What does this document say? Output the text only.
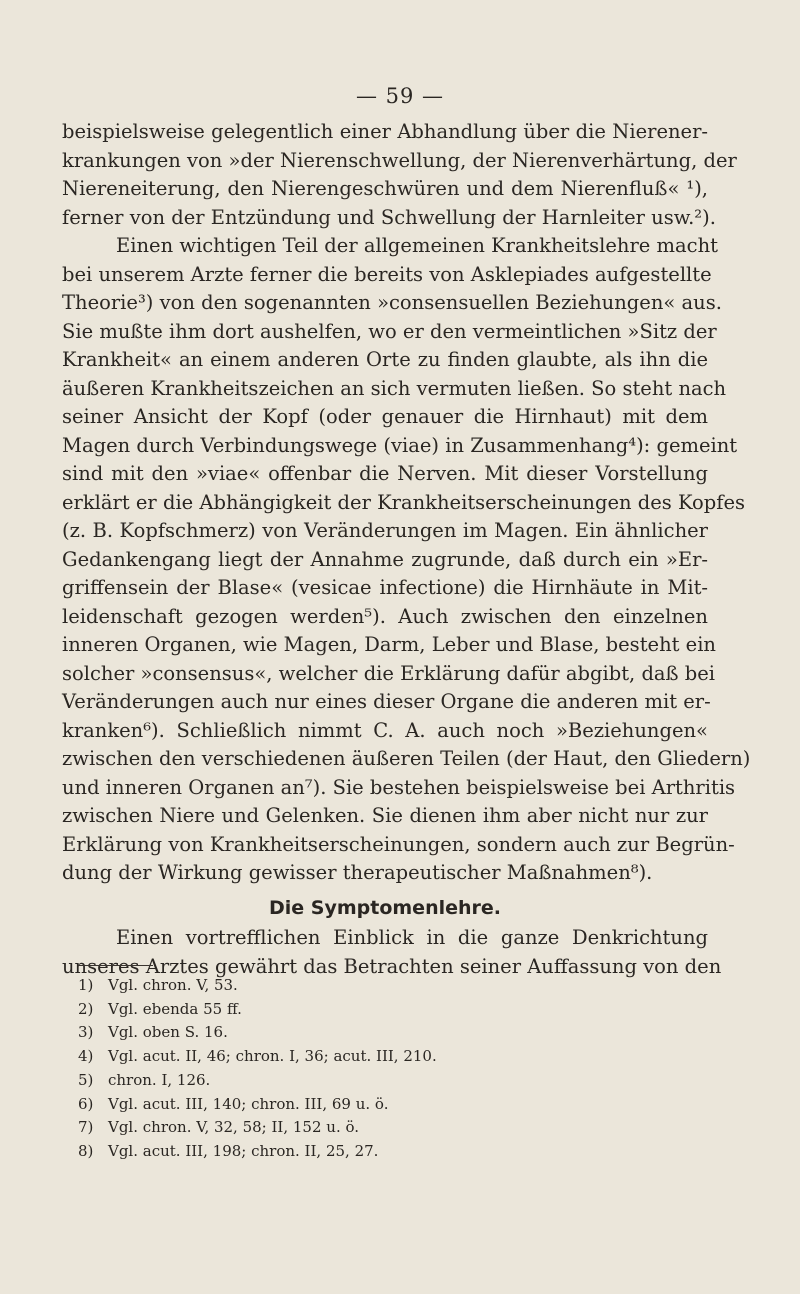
— 59 —
beispielsweise gelegentlich einer Abhandlung über die Nierener-
krankungen von »der Nierenschwellung, der Nierenverhärtung, der
Niereneiterung, den Nierengeschwüren und dem Nierenfluß« ¹),
ferner von der Entzündung und Schwellung der Harnleiter usw.²).
Einen wichtigen Teil der allgemeinen Krankheitslehre macht
bei unserem Arzte ferner die bereits von Asklepiades aufgestellte
Theorie³) von den sogenannten »consensuellen Beziehungen« aus.
Sie mußte ihm dort aushelfen, wo er den vermeintlichen »Sitz der
Krankheit« an einem anderen Orte zu finden glaubte, als ihn die
äußeren Krankheitszeichen an sich vermuten ließen. So steht nach
seiner Ansicht der Kopf (oder genauer die Hirnhaut) mit dem
Magen durch Verbindungswege (viae) in Zusammenhang⁴): gemeint
sind mit den »viae« offenbar die Nerven. Mit dieser Vorstellung
erklärt er die Abhängigkeit der Krankheitserscheinungen des Kopfes
(z. B. Kopfschmerz) von Veränderungen im Magen. Ein ähnlicher
Gedankengang liegt der Annahme zugrunde, daß durch ein »Er-
griffensein der Blase« (vesicae infectione) die Hirnhäute in Mit-
leidenschaft gezogen werden⁵). Auch zwischen den einzelnen
inneren Organen, wie Magen, Darm, Leber und Blase, besteht ein
solcher »consensus«, welcher die Erklärung dafür abgibt, daß bei
Veränderungen auch nur eines dieser Organe die anderen mit er-
kranken⁶). Schließlich nimmt C. A. auch noch »Beziehungen«
zwischen den verschiedenen äußeren Teilen (der Haut, den Gliedern)
und inneren Organen an⁷). Sie bestehen beispielsweise bei Arthritis
zwischen Niere und Gelenken. Sie dienen ihm aber nicht nur zur
Erklärung von Krankheitserscheinungen, sondern auch zur Begrün-
dung der Wirkung gewisser therapeutischer Maßnahmen⁸).
Die Symptomenlehre.
Einen vortrefflichen Einblick in die ganze Denkrichtung
unseres Arztes gewährt das Betrachten seiner Auffassung von den
1) Vgl. chron. V, 53.
2) Vgl. ebenda 55 ff.
3) Vgl. oben S. 16.
4) Vgl. acut. II, 46; chron. I, 36; acut. III, 210.
5) chron. I, 126.
6) Vgl. acut. III, 140; chron. III, 69 u. ö.
7) Vgl. chron. V, 32, 58; II, 152 u. ö.
8) Vgl. acut. III, 198; chron. II, 25, 27.
